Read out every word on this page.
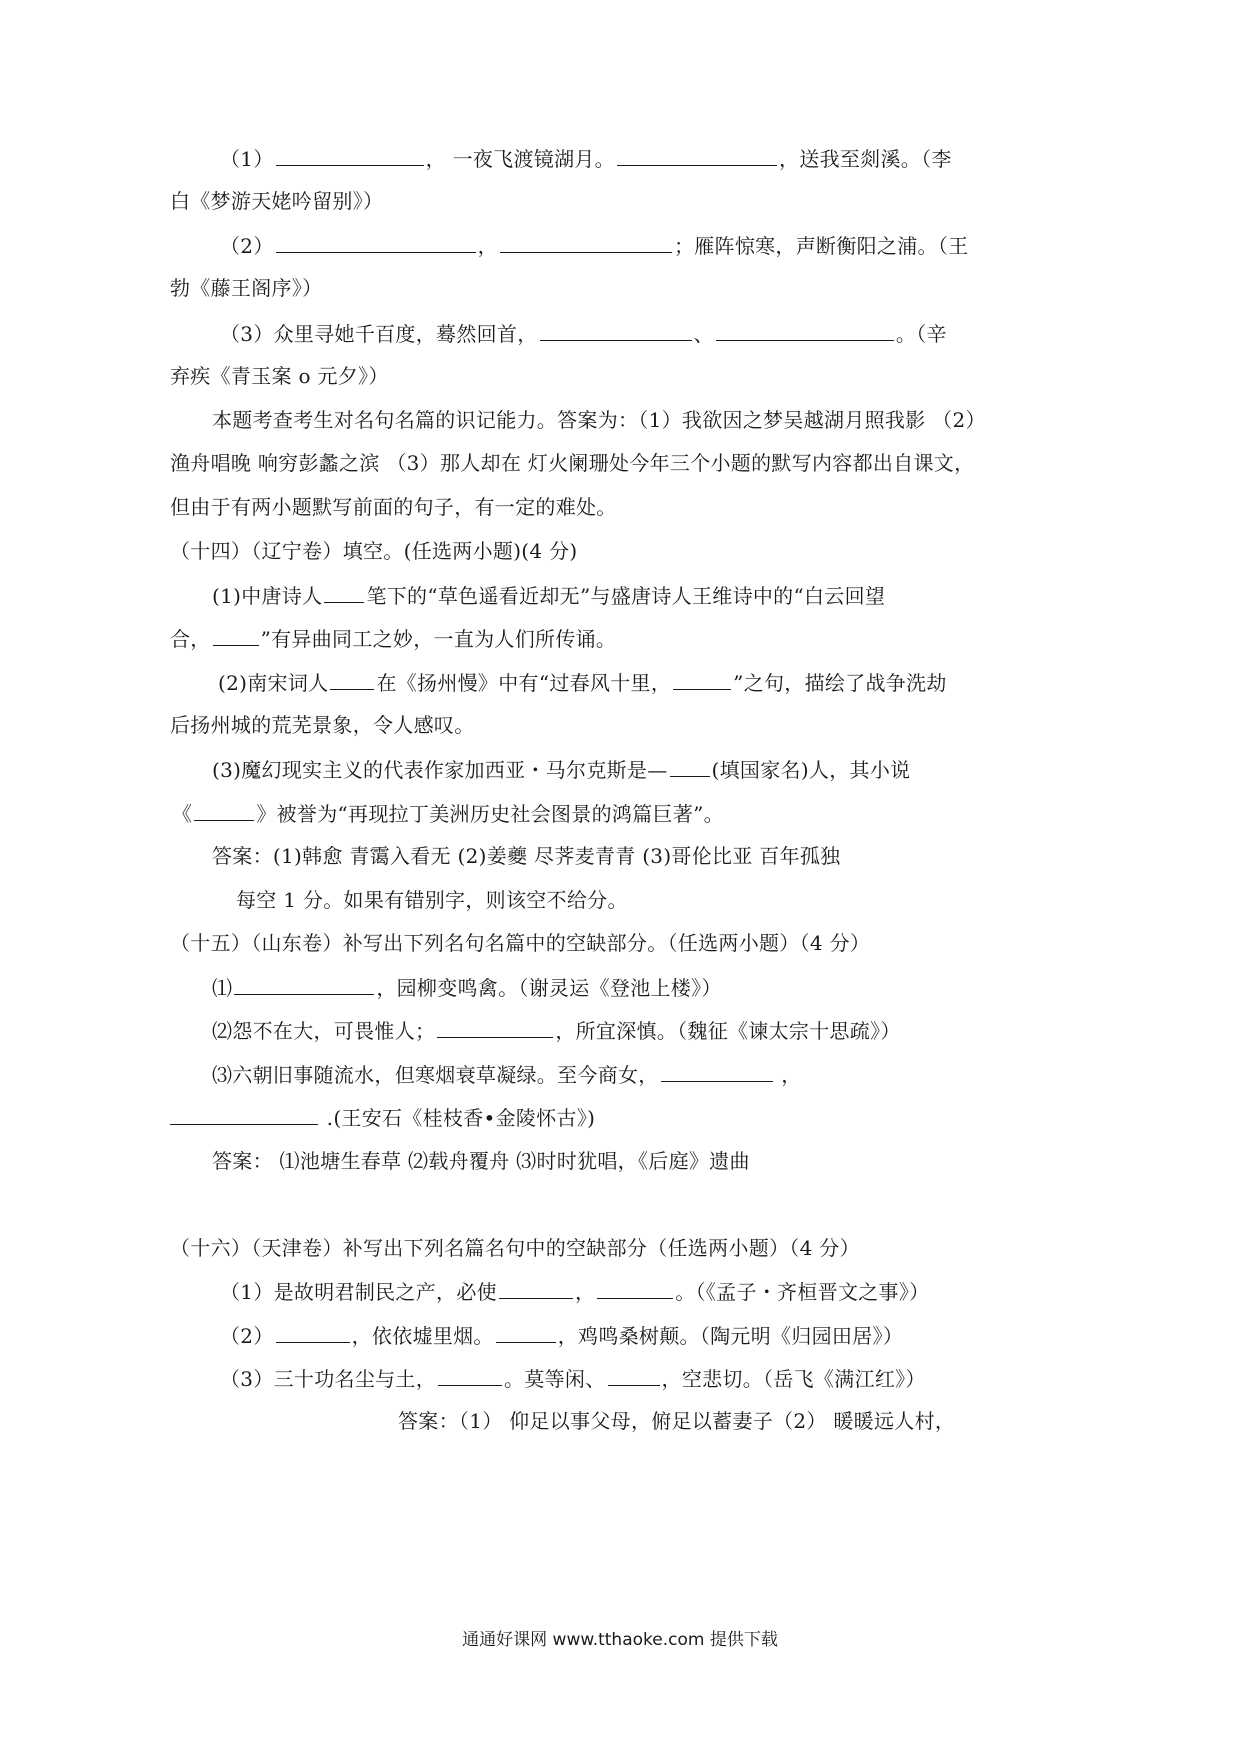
（1）	， 一夜飞渡镜湖月。	，送我至剡溪。（李
白《梦游天姥吟留别》）
（2）	，	；雁阵惊寒，声断衡阳之浦。（王
勃《藤王阁序》）
（3）众里寻她千百度，蓦然回首，	、	。（辛
弃疾《青玉案 o 元夕》）
本题考查考生对名句名篇的识记能力。答案为：（1）我欲因之梦吴越湖月照我影 （2）
渔舟唱晚 响穷彭蠡之滨 （3）那人却在 灯火阑珊处今年三个小题的默写内容都出自课文，
但由于有两小题默写前面的句子，有一定的难处。
（十四）（辽宁卷）填空。(任选两小题)(4 分)
(1)中唐诗人 笔下的“草色遥看近却无”与盛唐诗人王维诗中的“白云回望
合，	”有异曲同工之妙，一直为人们所传诵。
(2)南宋词人 在《扬州慢》中有“过春风十里，	”之句，描绘了战争洗劫
后扬州城的荒芜景象，令人感叹。
(3)魔幻现实主义的代表作家加西亚・马尔克斯是— (填国家名)人，其小说
《	》被誉为“再现拉丁美洲历史社会图景的鸿篇巨著”。
答案：(1)韩愈 青霭入看无 (2)姜夔 尽荠麦青青 (3)哥伦比亚 百年孤独
每空 1 分。如果有错别字，则该空不给分。
（十五）（山东卷）补写出下列名句名篇中的空缺部分。（任选两小题）（4 分）
⑴	，园柳变鸣禽。（谢灵运《登池上楼》）
⑵怨不在大，可畏惟人；	，所宜深慎。（魏征《谏太宗十思疏》）
⑶六朝旧事随流水，但寒烟衰草凝绿。至今商女，	，
.(王安石《桂枝香•金陵怀古》)
答案： ⑴池塘生春草 ⑵载舟覆舟 ⑶时时犹唱，《后庭》遗曲
（十六）（天津卷）补写出下列名篇名句中的空缺部分（任选两小题）（4 分）
（1）是故明君制民之产，必使	，	。（《孟子・齐桓晋文之事》）
（2）	，依依墟里烟。	，鸡鸣桑树颠。（陶元明《归园田居》）
（3）三十功名尘与土，	。莫等闲、	，空悲切。（岳飞《满江红》）
答案：（1） 仰足以事父母，俯足以蓄妻子（2） 暖暖远人村，
通通好课网 www.tthaoke.com 提供下载
